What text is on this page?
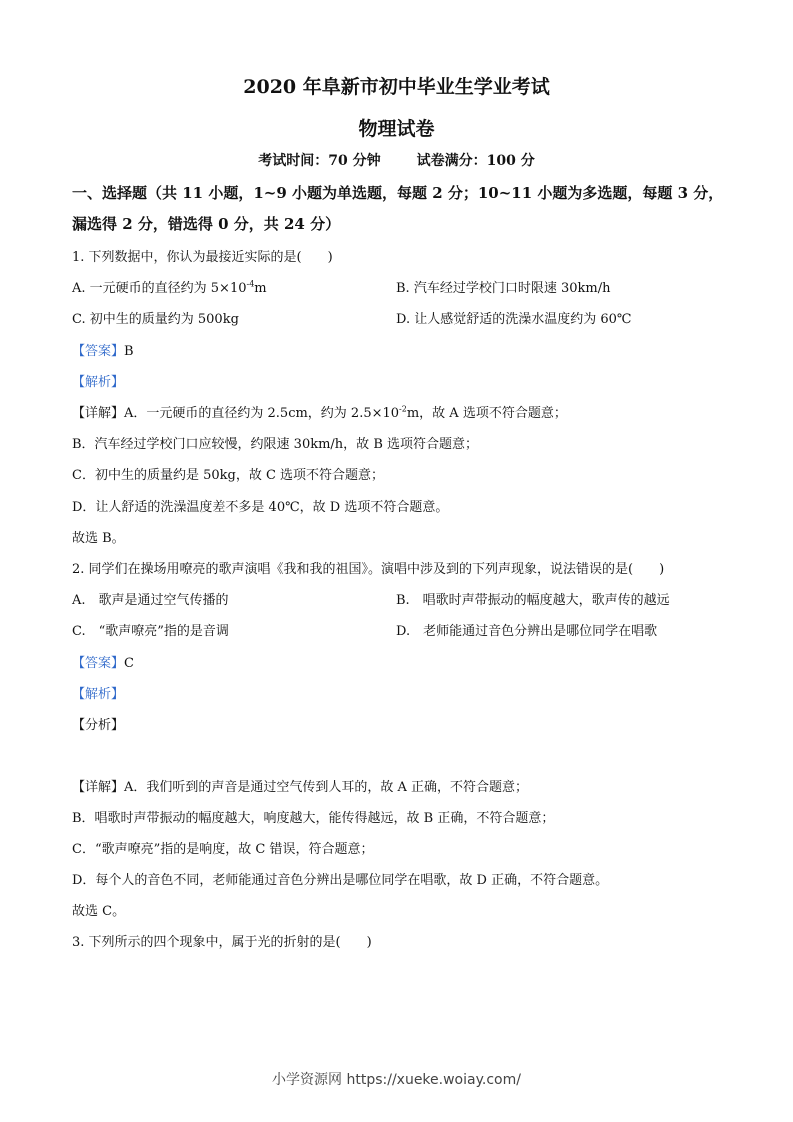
2020 年阜新市初中毕业生学业考试
物理试卷
考试时间：70 分钟	试卷满分：100 分
一、选择题（共 11 小题，1~9 小题为单选题，每题 2 分；10~11 小题为多选题，每题 3 分，
漏选得 2 分，错选得 0 分，共 24 分）
1. 下列数据中，你认为最接近实际的是(　　)
A. 一元硬币的直径约为 $5\times 10^{-4}m$	B. 汽车经过学校门口时限速 30km/h
C. 初中生的质量约为 500kg	D. 让人感觉舒适的洗澡水温度约为 60℃
【答案】B
【解析】
【详解】A．一元硬币的直径约为 2.5cm，约为 $2.5\times 10^{-2}m$，故 A 选项不符合题意；
B．汽车经过学校门口应较慢，约限速 30km/h，故 B 选项符合题意；
C．初中生的质量约是 50kg，故 C 选项不符合题意；
D．让人舒适的洗澡温度差不多是 40℃，故 D 选项不符合题意。
故选 B。
2. 同学们在操场用嘹亮的歌声演唱《我和我的祖国》。演唱中涉及到的下列声现象，说法错误的是(　　)
A.　歌声是通过空气传播的	B.　唱歌时声带振动的幅度越大，歌声传的越远
C.　“歌声嘹亮”指的是音调	D.　老师能通过音色分辨出是哪位同学在唱歌
【答案】C
【解析】
【分析】
【详解】A．我们听到的声音是通过空气传到人耳的，故 A 正确，不符合题意；
B．唱歌时声带振动的幅度越大，响度越大，能传得越远，故 B 正确，不符合题意；
C．“歌声嘹亮”指的是响度，故 C 错误，符合题意；
D．每个人的音色不同，老师能通过音色分辨出是哪位同学在唱歌，故 D 正确，不符合题意。
故选 C。
3. 下列所示的四个现象中，属于光的折射的是(　　)
小学资源网 https://xueke.woiay.com/
